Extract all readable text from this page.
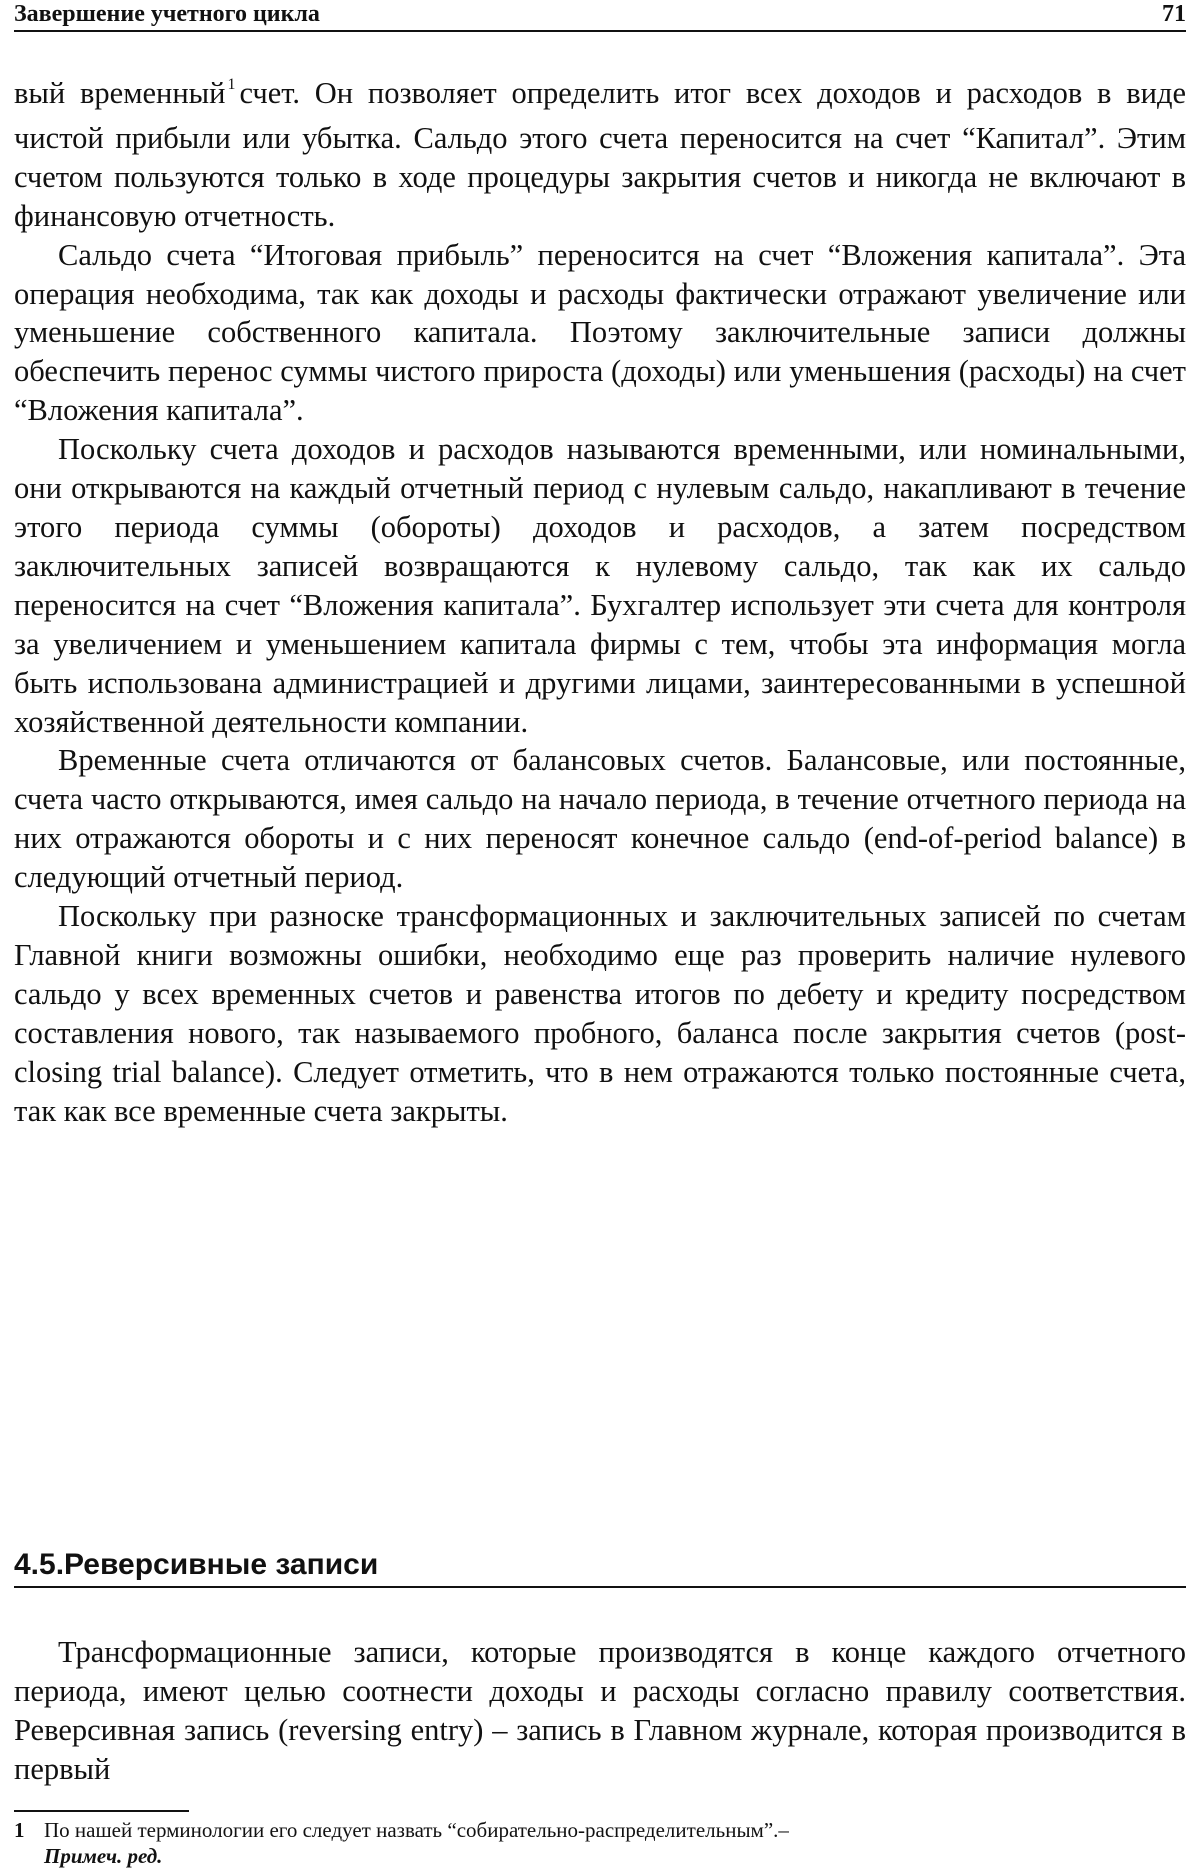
Завершение учетного цикла	71

вый временный $^1$ счет. Он позволяет определить итог всех доходов и расходов в виде чистой прибыли или убытка. Сальдо этого счета переносится на счет “Капитал”. Этим счетом пользуются только в ходе процедуры закрытия счетов и никогда не включают в финансовую отчетность.

Сальдо счета “Итоговая прибыль” переносится на счет “Вложения капитала”. Эта операция необходима, так как доходы и расходы фактически отражают увеличение или уменьшение собственного капитала. Поэтому заключительные записи должны обеспечить перенос суммы чистого прироста (доходы) или уменьшения (расходы) на счет “Вложения капитала”.

Поскольку счета доходов и расходов называются временными, или номинальными, они открываются на каждый отчетный период с нулевым сальдо, накапливают в течение этого периода суммы (обороты) доходов и расходов, а затем посредством заключительных записей возвращаются к нулевому сальдо, так как их сальдо переносится на счет “Вложения капитала”. Бухгалтер использует эти счета для контроля за увеличением и уменьшением капитала фирмы с тем, чтобы эта информация могла быть использована администрацией и другими лицами, заинтересованными в успешной хозяйственной деятельности компании.

Временные счета отличаются от балансовых счетов. Балансовые, или постоянные, счета часто открываются, имея сальдо на начало периода, в течение отчетного периода на них отражаются обороты и с них переносят конечное сальдо (end-of-period balance) в следующий отчетный период.

Поскольку при разноске трансформационных и заключительных записей по счетам Главной книги возможны ошибки, необходимо еще раз проверить наличие нулевого сальдо у всех временных счетов и равенства итогов по дебету и кредиту посредством составления нового, так называемого пробного, баланса после закрытия счетов (post-closing trial balance). Следует отметить, что в нем отражаются только постоянные счета, так как все временные счета закрыты.

4.5.Реверсивные записи

Трансформационные записи, которые производятся в конце каждого отчетного периода, имеют целью соотнести доходы и расходы согласно правилу соответствия. Реверсивная запись (reversing entry) – запись в Главном журнале, которая производится в первый

1 По нашей терминологии его следует назвать “собирательно-распределительным”.–
Примеч. ред.
